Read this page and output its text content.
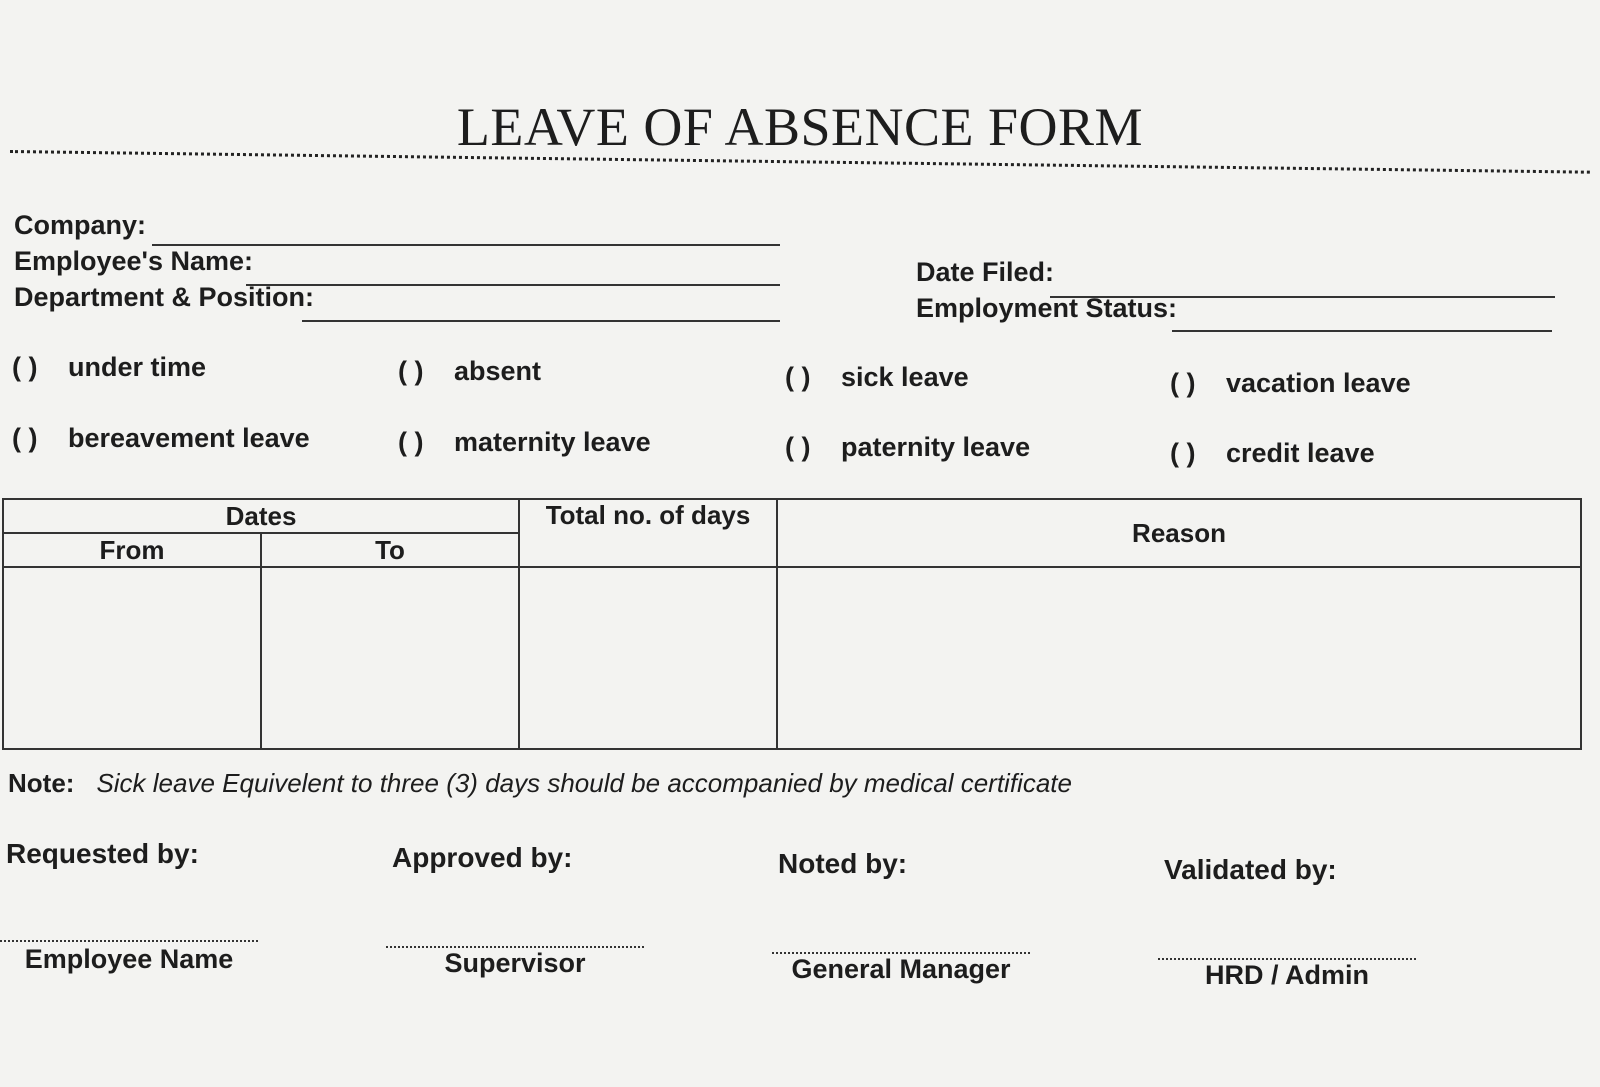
LEAVE OF ABSENCE FORM
Company:
Employee's Name:
Department & Position:
Date Filed:
Employment Status:
( ) under time	( ) absent	( ) sick leave	( ) vacation leave
( ) bereavement leave	( ) maternity leave	( ) paternity leave	( ) credit leave
Dates		Total no. of days	Reason
From	To		

Note: Sick leave Equivelent to three (3) days should be accompanied by medical certificate
Requested by:
Employee Name
Approved by:
Supervisor
Noted by:
General Manager
Validated by:
HRD / Admin
